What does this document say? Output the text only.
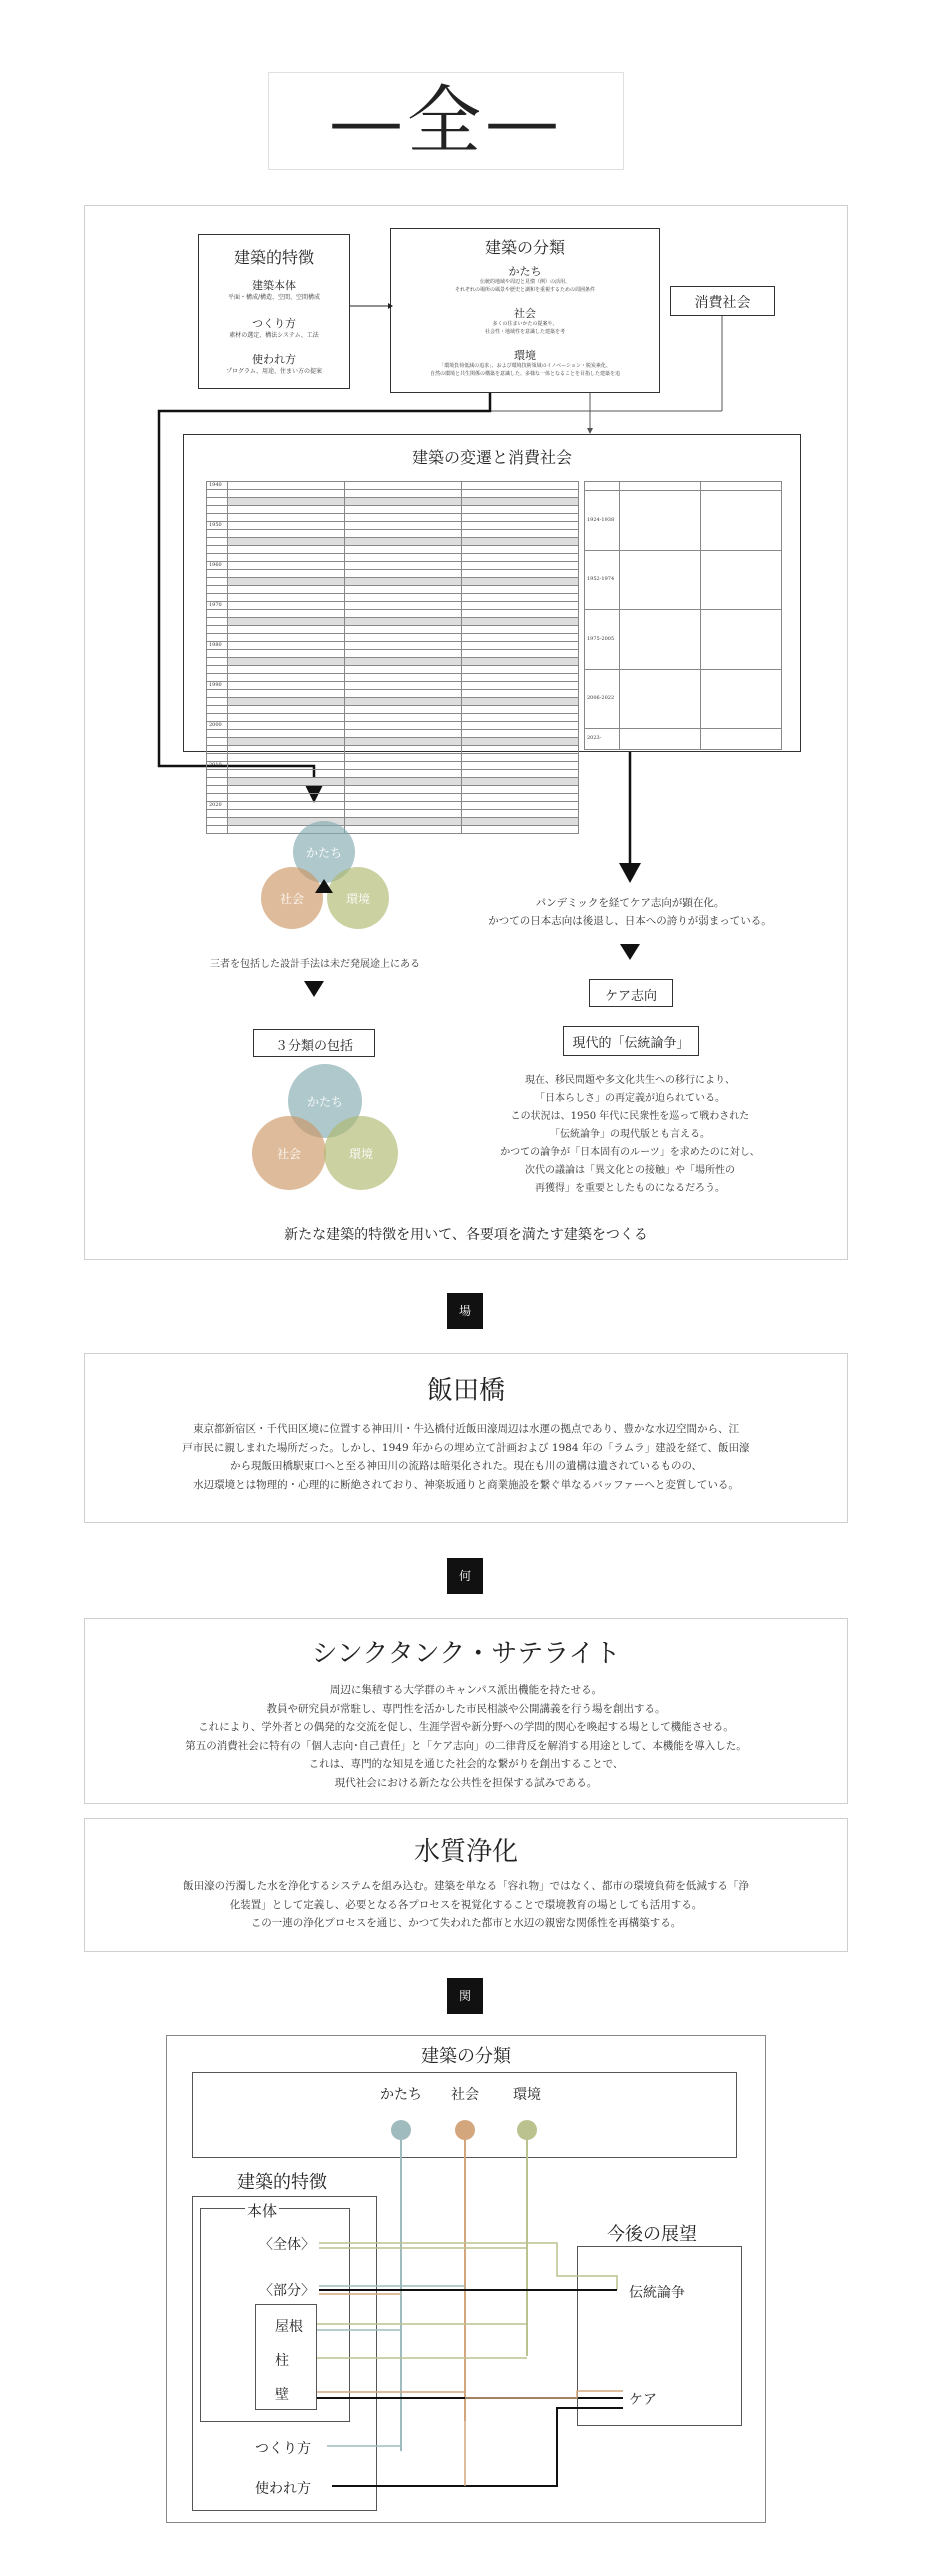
—全—
建築的特徴
建築本体
平面・構成/構造、空間、空間構成
つくり方
素材の選定、構法システム、工法
使われ方
プログラム、用途、住まい方の提案
建築の分類
かたち
伝統的地域や周辺と見慣（例）の活用、
それぞれの場所の風景や歴史と調和を重視するための周囲条件
社会
多くの住まいかたの提案や、
社会性・地域性を意識した建築を考
環境
「環境負荷低減の追求」、および環境技術領域のイノベーション・脱炭素化、
自然の環境と共生関係の構築を意識した、多様な一体となることを目指した建築を追
消費社会
建築の変遷と消費社会
1940			

1950			

1960			

1970			

1980			

1990			

2000			

2010			

2020			

1924-1938		
1952-1974		
1975-2005		
2006-2022		
2023-		
かたち
社会	環境
三者を包括した設計手法は未だ発展途上にある
３分類の包括
かたち
社会	環境
パンデミックを経てケア志向が顕在化。
かつての日本志向は後退し、日本への誇りが弱まっている。
ケア志向
現代的「伝統論争」
現在、移民問題や多文化共生への移行により、
「日本らしさ」の再定義が迫られている。
この状況は、1950 年代に民衆性を巡って戦わされた
「伝統論争」の現代版とも言える。
かつての論争が「日本固有のルーツ」を求めたのに対し、
次代の議論は「異文化との接触」や「場所性の
再獲得」を重要としたものになるだろう。
新たな建築的特徴を用いて、各要項を満たす建築をつくる
場
飯田橋
東京都新宿区・千代田区境に位置する神田川・牛込橋付近飯田濠周辺は水運の拠点であり、豊かな水辺空間から、江
戸市民に親しまれた場所だった。しかし、1949 年からの埋め立て計画および 1984 年の「ラムラ」建設を経て、飯田濠
から現飯田橋駅東口へと至る神田川の流路は暗渠化された。現在も川の遺構は遺されているものの、
水辺環境とは物理的・心理的に断絶されており、神楽坂通りと商業施設を繋ぐ単なるバッファーへと変質している。
何
シンクタンク・サテライト
周辺に集積する大学群のキャンパス派出機能を持たせる。
教員や研究員が常駐し、専門性を活かした市民相談や公開講義を行う場を創出する。
これにより、学外者との偶発的な交流を促し、生涯学習や新分野への学問的関心を喚起する場として機能させる。
第五の消費社会に特有の「個人志向･自己責任」と「ケア志向」の二律背反を解消する用途として、本機能を導入した。
これは、専門的な知見を通じた社会的な繋がりを創出することで、
現代社会における新たな公共性を担保する試みである。
水質浄化
飯田濠の汚濁した水を浄化するシステムを組み込む。建築を単なる「容れ物」ではなく、都市の環境負荷を低減する「浄
化装置」として定義し、必要となる各プロセスを視覚化することで環境教育の場としても活用する。
この一連の浄化プロセスを通じ、かつて失われた都市と水辺の親密な関係性を再構築する。
関
建築の分類
かたち	社会	環境
建築的特徴
本体
〈全体〉
〈部分〉
屋根
柱
壁
つくり方
使われ方
今後の展望
伝統論争
ケア
